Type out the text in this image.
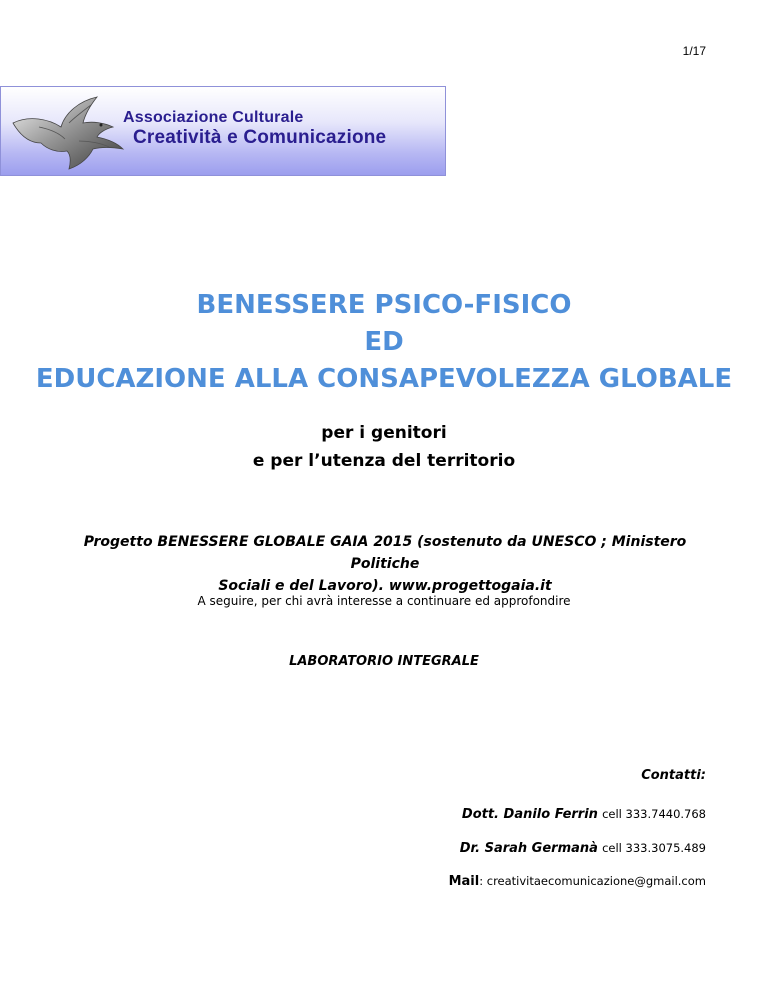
1/17
Associazione Culturale
Creatività e Comunicazione
BENESSERE PSICO-FISICO
ED
EDUCAZIONE ALLA CONSAPEVOLEZZA GLOBALE
per i genitori
e per l’utenza del territorio
Progetto BENESSERE GLOBALE GAIA 2015 (sostenuto da UNESCO ; Ministero Politiche
Sociali e del Lavoro). www.progettogaia.it
A seguire, per chi avrà interesse a continuare ed approfondire
LABORATORIO INTEGRALE
Contatti:
Dott. Danilo Ferrin cell 333.7440.768
Dr. Sarah Germanà cell 333.3075.489
Mail: creativitaecomunicazione@gmail.com
